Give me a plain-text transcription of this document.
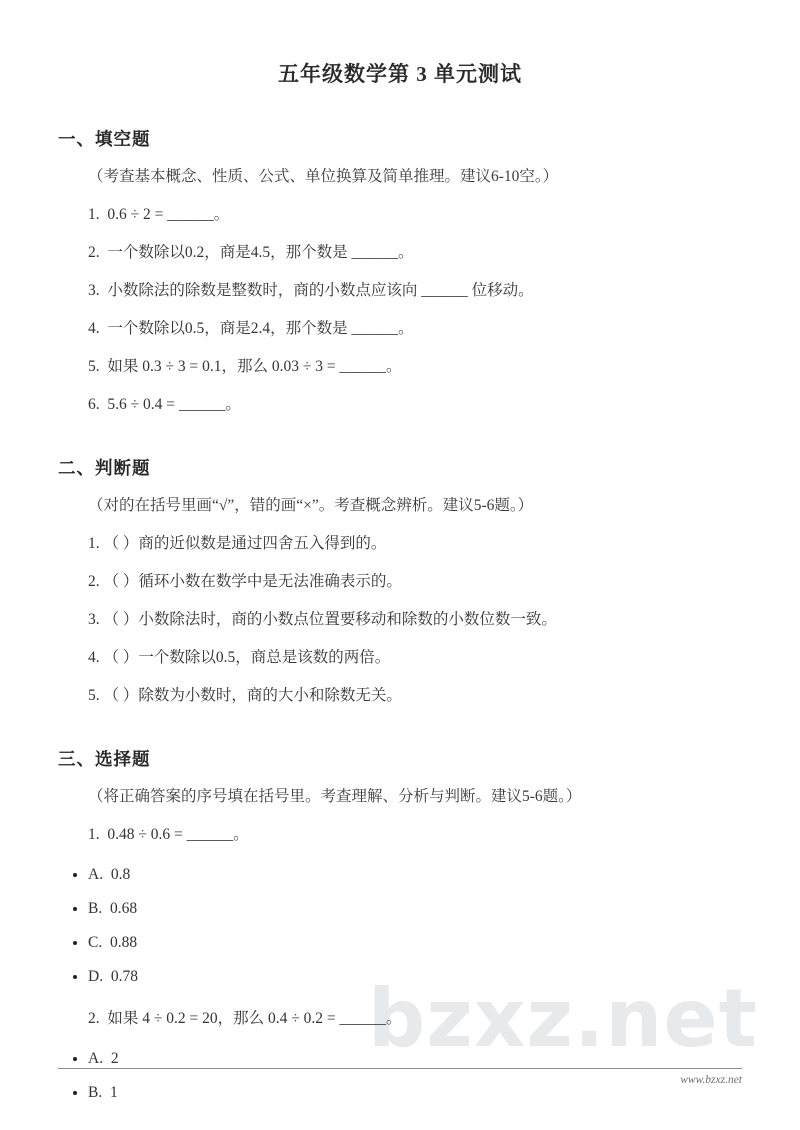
bzxz.net
五年级数学第 3 单元测试
一、填空题

（考查基本概念、性质、公式、单位换算及简单推理。建议6-10空。）

1.  0.6 ÷ 2 = ______。

2.  一个数除以0.2，商是4.5，那个数是 ______。

3.  小数除法的除数是整数时，商的小数点应该向 ______ 位移动。

4.  一个数除以0.5，商是2.4，那个数是 ______。

5.  如果 0.3 ÷ 3 = 0.1，那么 0.03 ÷ 3 = ______。

6.  5.6 ÷ 0.4 = ______。

二、判断题

（对的在括号里画“√”，错的画“×”。考查概念辨析。建议5-6题。）

1. （ ）商的近似数是通过四舍五入得到的。

2. （ ）循环小数在数学中是无法准确表示的。

3. （ ）小数除法时，商的小数点位置要移动和除数的小数位数一致。

4. （ ）一个数除以0.5，商总是该数的两倍。

5. （ ）除数为小数时，商的大小和除数无关。

三、选择题

（将正确答案的序号填在括号里。考查理解、分析与判断。建议5-6题。）

1.  0.48 ÷ 0.6 = ______。

• A.  0.8
• B.  0.68
• C.  0.88
• D.  0.78

2.  如果 4 ÷ 0.2 = 20，那么 0.4 ÷ 0.2 = ______。

• A.  2
• B.  1
www.bzxz.net
